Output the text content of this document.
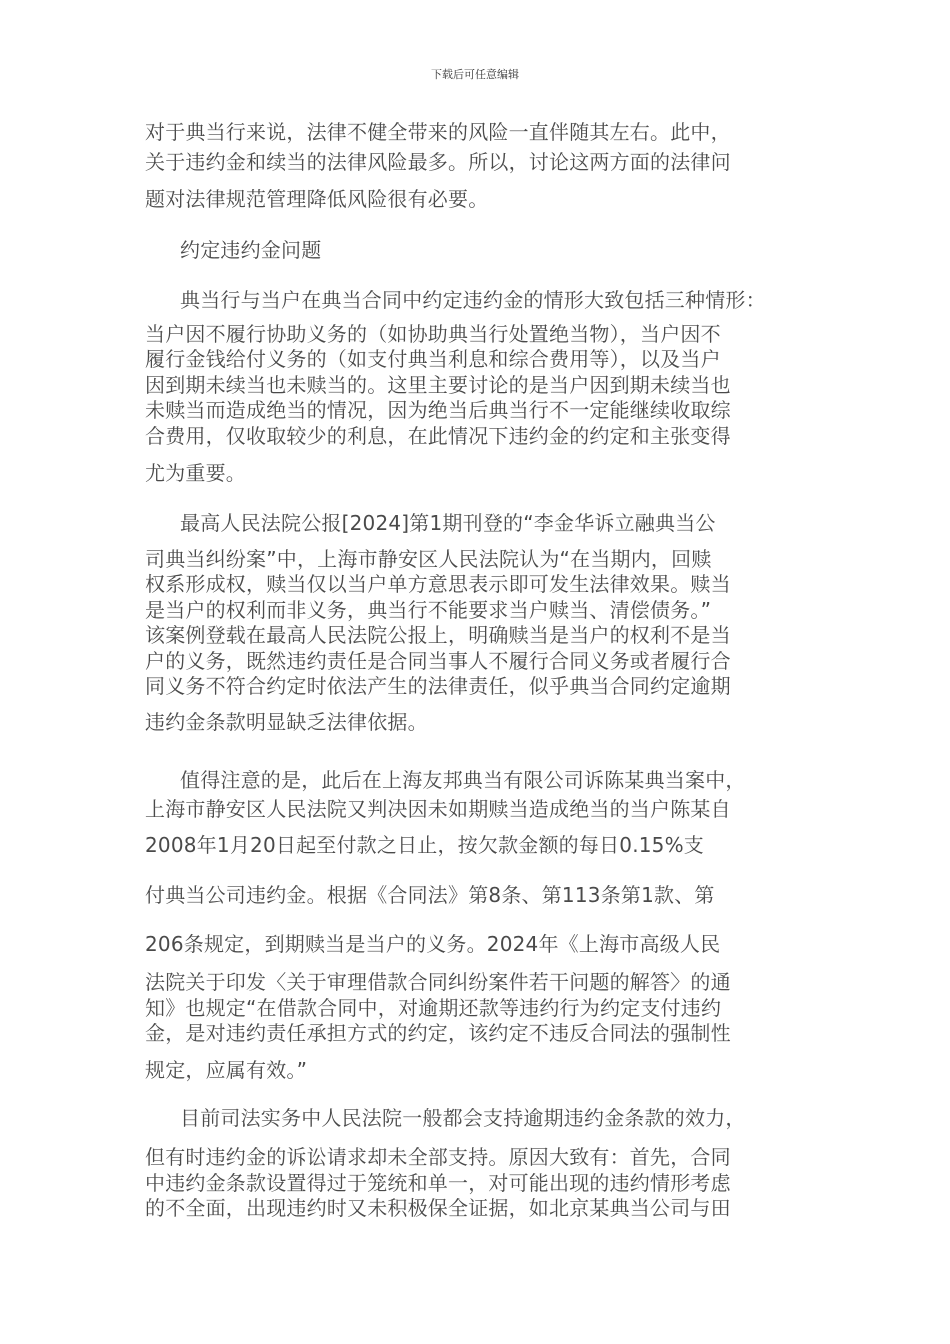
下载后可任意编辑
对于典当行来说，法律不健全带来的风险一直伴随其左右。此中，
关于违约金和续当的法律风险最多。所以，讨论这两方面的法律问
题对法律规范管理降低风险很有必要。
约定违约金问题
典当行与当户在典当合同中约定违约金的情形大致包括三种情形：
当户因不履行协助义务的（如协助典当行处置绝当物），当户因不
履行金钱给付义务的（如支付典当利息和综合费用等），以及当户
因到期未续当也未赎当的。这里主要讨论的是当户因到期未续当也
未赎当而造成绝当的情况，因为绝当后典当行不一定能继续收取综
合费用，仅收取较少的利息，在此情况下违约金的约定和主张变得
尤为重要。
最高人民法院公报[2024]第1期刊登的“李金华诉立融典当公
司典当纠纷案”中，上海市静安区人民法院认为“在当期内，回赎
权系形成权，赎当仅以当户单方意思表示即可发生法律效果。赎当
是当户的权利而非义务，典当行不能要求当户赎当、清偿债务。”
该案例登载在最高人民法院公报上，明确赎当是当户的权利不是当
户的义务，既然违约责任是合同当事人不履行合同义务或者履行合
同义务不符合约定时依法产生的法律责任，似乎典当合同约定逾期
违约金条款明显缺乏法律依据。
值得注意的是，此后在上海友邦典当有限公司诉陈某典当案中，
上海市静安区人民法院又判决因未如期赎当造成绝当的当户陈某自
2008年1月20日起至付款之日止，按欠款金额的每日0.15%支
付典当公司违约金。根据《合同法》第8条、第113条第1款、第
206条规定，到期赎当是当户的义务。2024年《上海市高级人民
法院关于印发〈关于审理借款合同纠纷案件若干问题的解答〉的通
知》也规定“在借款合同中，对逾期还款等违约行为约定支付违约
金，是对违约责任承担方式的约定，该约定不违反合同法的强制性
规定，应属有效。”
目前司法实务中人民法院一般都会支持逾期违约金条款的效力，
但有时违约金的诉讼请求却未全部支持。原因大致有：首先，合同
中违约金条款设置得过于笼统和单一，对可能出现的违约情形考虑
的不全面，出现违约时又未积极保全证据，如北京某典当公司与田
